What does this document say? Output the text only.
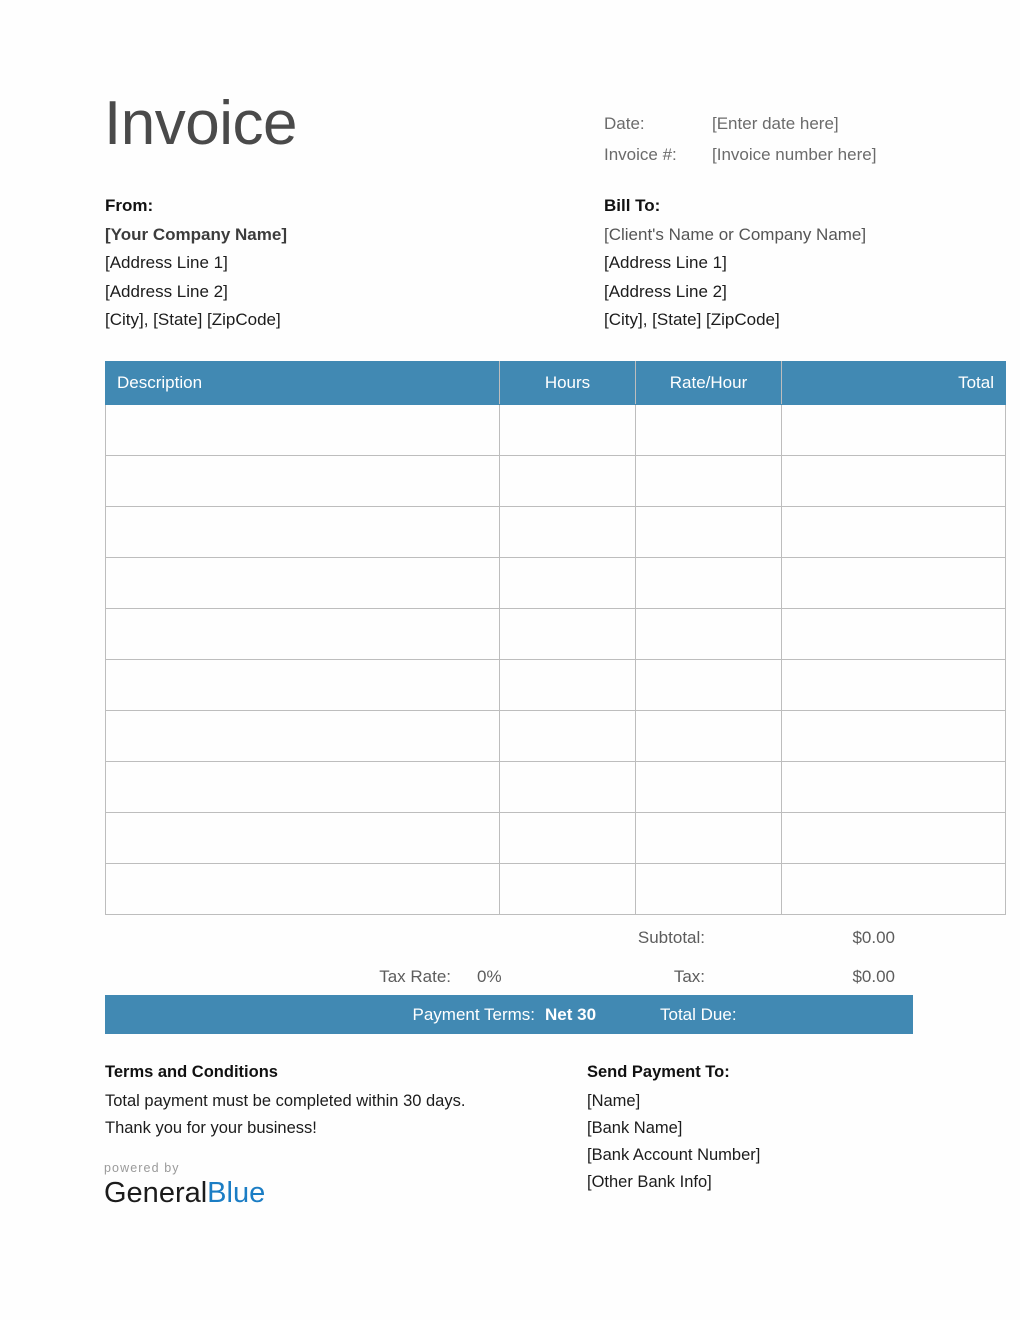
Invoice	Date:	[Enter date here]
Invoice #: [Invoice number here]
From:
[Your Company Name]
[Address Line 1]
[Address Line 2]
[City], [State] [ZipCode]
Bill To:
[Client's Name or Company Name]
[Address Line 1]
[Address Line 2]
[City], [State] [ZipCode]
Description	Hours	Rate/Hour	Total

Subtotal:	$0.00
Tax Rate: 0%	Tax:	$0.00
Payment Terms: Net 30	Total Due:
Terms and Conditions
Total payment must be completed within 30 days.
Thank you for your business!
Send Payment To:
[Name]
[Bank Name]
[Bank Account Number]
[Other Bank Info]
powered by
GeneralBlue
